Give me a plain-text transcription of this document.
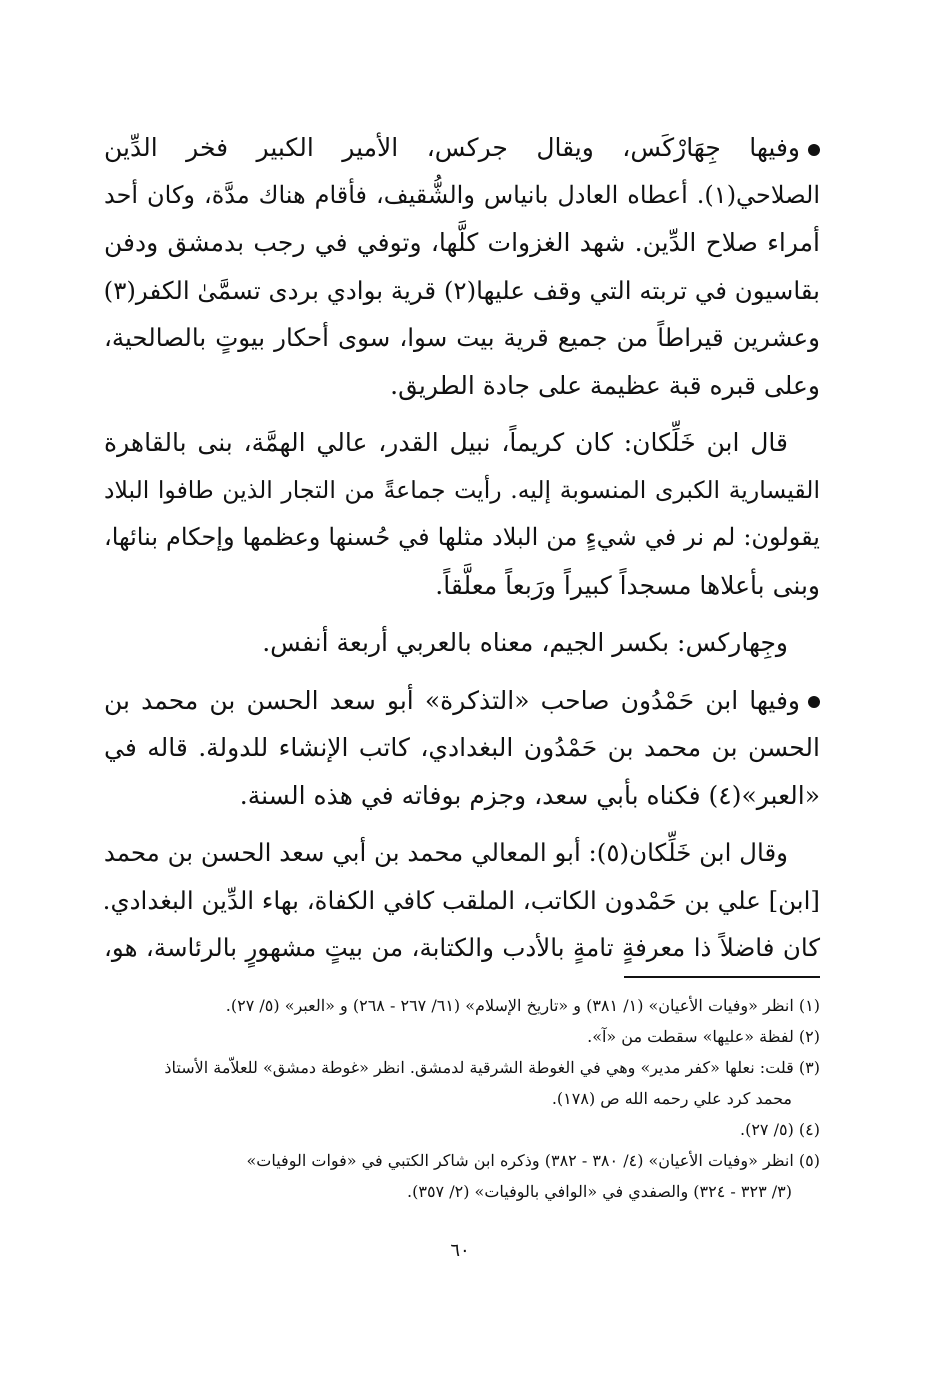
وفيها جِهَارْكَس، ويقال جركس، الأمير الكبير فخر الدِّين
الصلاحي(١). أعطاه العادل بانياس والشُّقيف، فأقام هناك مدَّة، وكان أحد
أمراء صلاح الدِّين. شهد الغزوات كلَّها، وتوفي في رجب بدمشق ودفن
بقاسيون في تربته التي وقف عليها(٢) قرية بوادي بردى تسمَّىٰ الكفر(٣)
وعشرين قيراطاً من جميع قرية بيت سوا، سوى أحكار بيوتٍ بالصالحية،
وعلى قبره قبة عظيمة على جادة الطريق.

قال ابن خَلِّكان: كان كريماً، نبيل القدر، عالي الهمَّة، بنى بالقاهرة
القيسارية الكبرى المنسوبة إليه. رأيت جماعةً من التجار الذين طافوا البلاد
يقولون: لم نر في شيءٍ من البلاد مثلها في حُسنها وعظمها وإحكام بنائها،
وبنى بأعلاها مسجداً كبيراً ورَبعاً معلَّقاً.

وجِهاركس: بكسر الجيم، معناه بالعربي أربعة أنفس.

وفيها ابن حَمْدُون صاحب «التذكرة» أبو سعد الحسن بن محمد بن
الحسن بن محمد بن حَمْدُون البغدادي، كاتب الإنشاء للدولة. قاله في
«العبر»(٤) فكناه بأبي سعد، وجزم بوفاته في هذه السنة.

وقال ابن خَلِّكان(٥): أبو المعالي محمد بن أبي سعد الحسن بن محمد
[ابن] علي بن حَمْدون الكاتب، الملقب كافي الكفاة، بهاء الدِّين البغدادي.
كان فاضلاً ذا معرفةٍ تامةٍ بالأدب والكتابة، من بيتٍ مشهورٍ بالرئاسة، هو،

(١) انظر «وفيات الأعيان» (١/ ٣٨١) و «تاريخ الإسلام» (٦١/ ٢٦٧ - ٢٦٨) و «العبر» (٥/ ٢٧).

(٢) لفظة «عليها» سقطت من «آ».

(٣) قلت: نعلها «كفر مدير» وهي في الغوطة الشرقية لدمشق. انظر «غوطة دمشق» للعلاّمة الأستاذ
محمد كرد علي رحمه الله ص (١٧٨).

(٤) (٥/ ٢٧).

(٥) انظر «وفيات الأعيان» (٤/ ٣٨٠ - ٣٨٢) وذكره ابن شاكر الكتبي في «فوات الوفيات»
(٣/ ٣٢٣ - ٣٢٤) والصفدي في «الوافي بالوفيات» (٢/ ٣٥٧).

٦٠
